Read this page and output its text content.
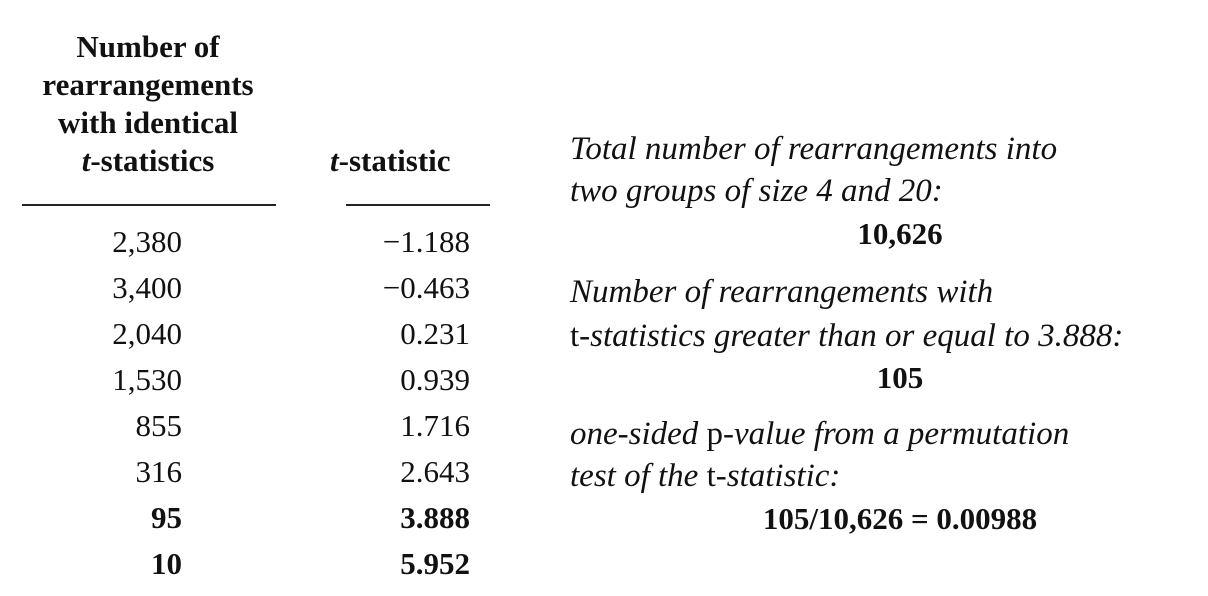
Number of
rearrangements
with identical
t-statistics	t-statistic
2,380	−1.188
3,400	−0.463
2,040	0.231
1,530	0.939
855	1.716
316	2.643
95	3.888
10	5.952
Total number of rearrangements into
two groups of size 4 and 20:
10,626
Number of rearrangements with
t-statistics greater than or equal to 3.888:
105
one-sided p-value from a permutation
test of the t-statistic:
105/10,626 = 0.00988
